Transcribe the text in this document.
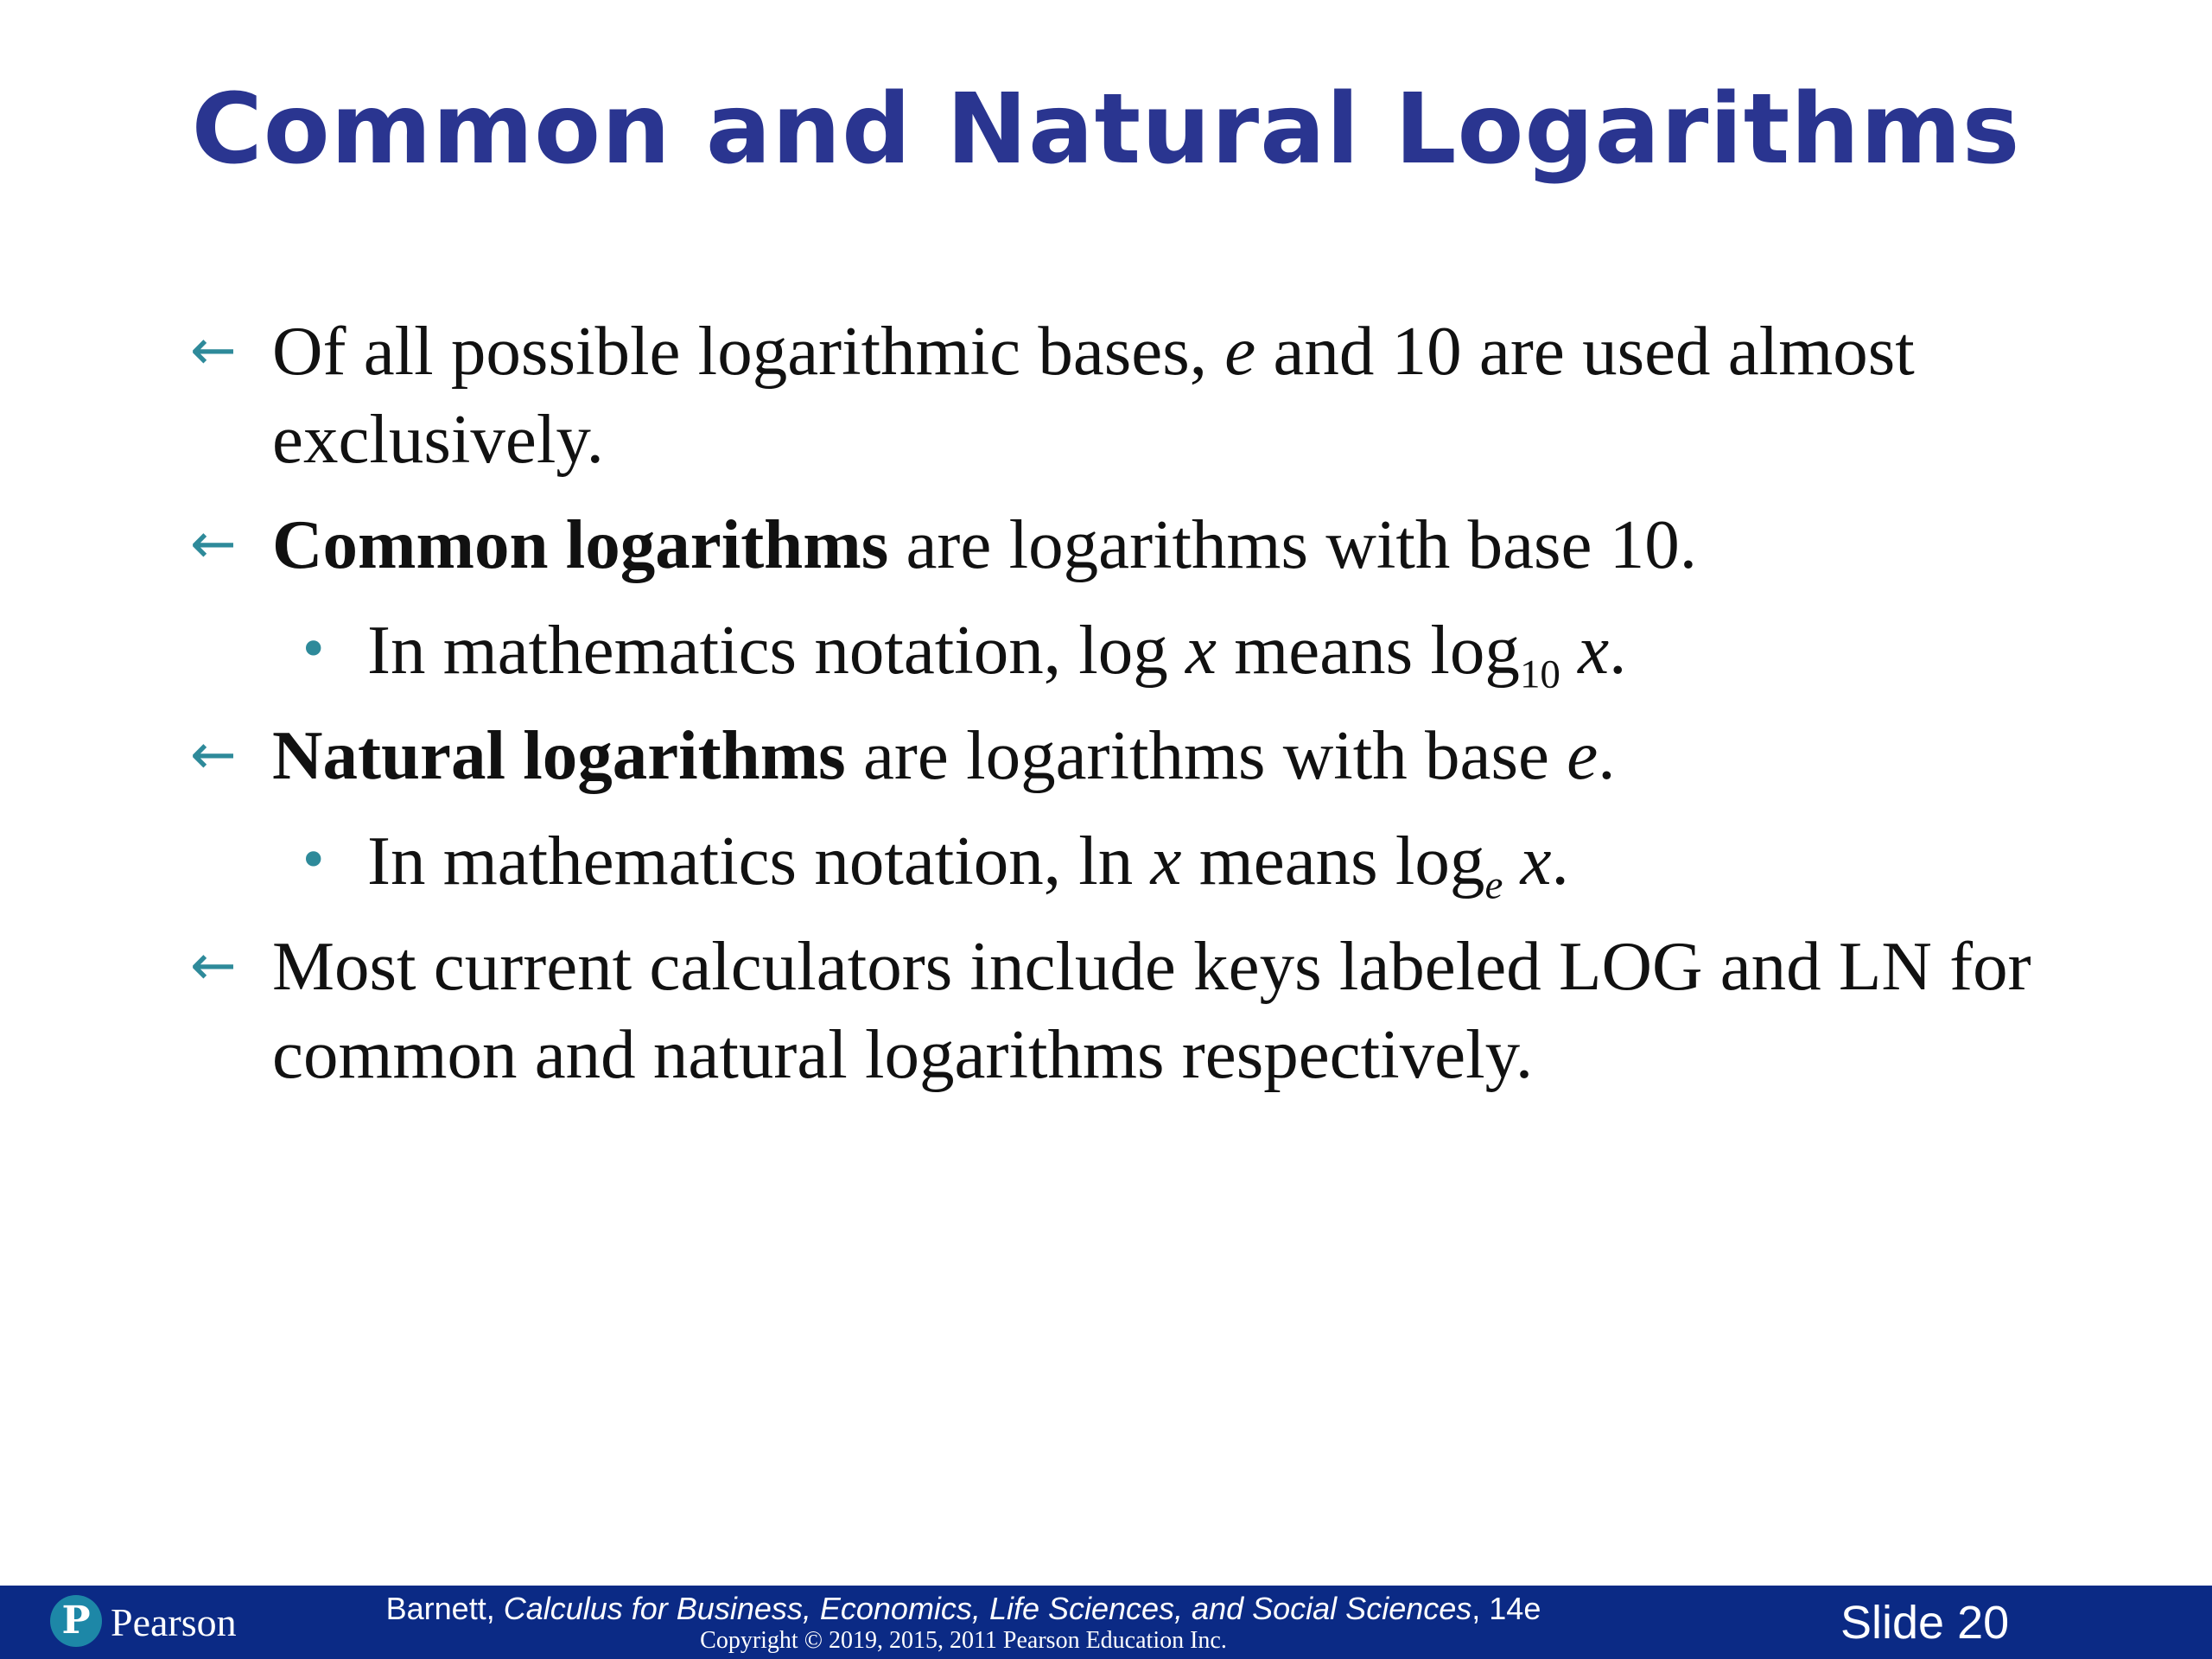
Common and Natural Logarithms
← Of all possible logarithmic bases, e and 10 are used almost exclusively.
← Common logarithms are logarithms with base 10.
• In mathematics notation, log x means $\log_{10} x$.
← Natural logarithms are logarithms with base e.
• In mathematics notation, ln x means $\log_e x$.
← Most current calculators include keys labeled LOG and LN for common and natural logarithms respectively.
P Pearson	Barnett, Calculus for Business, Economics, Life Sciences, and Social Sciences, 14e
Copyright © 2019, 2015, 2011 Pearson Education Inc.	Slide 20
